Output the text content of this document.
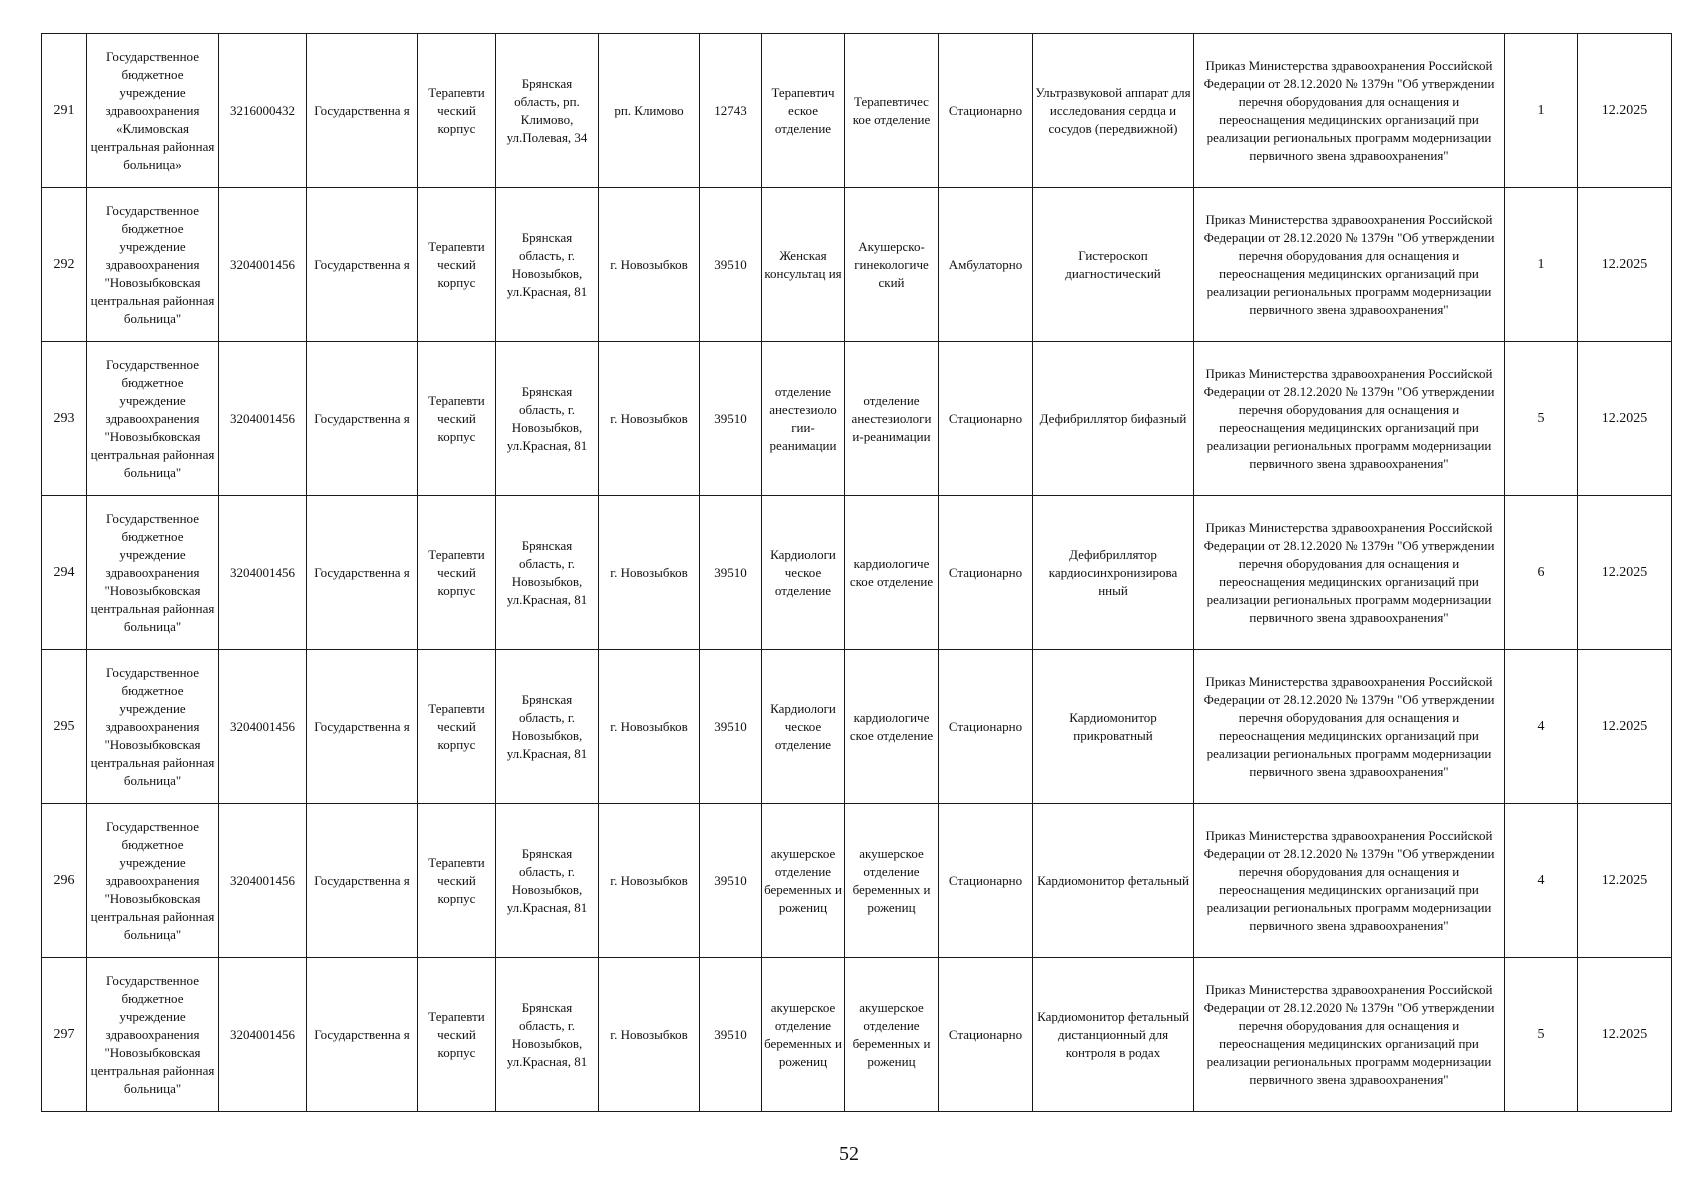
291	Государственное бюджетное учреждение здравоохранения «Климовская центральная районная больница»	3216000432	Государственна я	Терапевти ческий корпус	Брянская область, рп. Климово, ул.Полевая, 34	рп. Климово	12743	Терапевтич еское отделение	Терапевтичес кое отделение	Стационарно	Ультразвуковой аппарат для исследования сердца и сосудов (передвижной)	Приказ Министерства здравоохранения Российской Федерации от 28.12.2020 № 1379н "Об утверждении перечня оборудования для оснащения и переоснащения медицинских организаций при реализации региональных программ модернизации первичного звена здравоохранения"	1	12.2025
292	Государственное бюджетное учреждение здравоохранения "Новозыбковская центральная районная больница"	3204001456	Государственна я	Терапевти ческий корпус	Брянская область, г. Новозыбков, ул.Красная, 81	г. Новозыбков	39510	Женская консультац ия	Акушерско-гинекологиче ский	Амбулаторно	Гистероскоп диагностический	Приказ Министерства здравоохранения Российской Федерации от 28.12.2020 № 1379н "Об утверждении перечня оборудования для оснащения и переоснащения медицинских организаций при реализации региональных программ модернизации первичного звена здравоохранения"	1	12.2025
293	Государственное бюджетное учреждение здравоохранения "Новозыбковская центральная районная больница"	3204001456	Государственна я	Терапевти ческий корпус	Брянская область, г. Новозыбков, ул.Красная, 81	г. Новозыбков	39510	отделение анестезиоло гии-реанимации	отделение анестезиологи и-реанимации	Стационарно	Дефибриллятор бифазный	Приказ Министерства здравоохранения Российской Федерации от 28.12.2020 № 1379н "Об утверждении перечня оборудования для оснащения и переоснащения медицинских организаций при реализации региональных программ модернизации первичного звена здравоохранения"	5	12.2025
294	Государственное бюджетное учреждение здравоохранения "Новозыбковская центральная районная больница"	3204001456	Государственна я	Терапевти ческий корпус	Брянская область, г. Новозыбков, ул.Красная, 81	г. Новозыбков	39510	Кардиологи ческое отделение	кардиологиче ское отделение	Стационарно	Дефибриллятор кардиосинхронизирова нный	Приказ Министерства здравоохранения Российской Федерации от 28.12.2020 № 1379н "Об утверждении перечня оборудования для оснащения и переоснащения медицинских организаций при реализации региональных программ модернизации первичного звена здравоохранения"	6	12.2025
295	Государственное бюджетное учреждение здравоохранения "Новозыбковская центральная районная больница"	3204001456	Государственна я	Терапевти ческий корпус	Брянская область, г. Новозыбков, ул.Красная, 81	г. Новозыбков	39510	Кардиологи ческое отделение	кардиологиче ское отделение	Стационарно	Кардиомонитор прикроватный	Приказ Министерства здравоохранения Российской Федерации от 28.12.2020 № 1379н "Об утверждении перечня оборудования для оснащения и переоснащения медицинских организаций при реализации региональных программ модернизации первичного звена здравоохранения"	4	12.2025
296	Государственное бюджетное учреждение здравоохранения "Новозыбковская центральная районная больница"	3204001456	Государственна я	Терапевти ческий корпус	Брянская область, г. Новозыбков, ул.Красная, 81	г. Новозыбков	39510	акушерское отделение беременных и рожениц	акушерское отделение беременных и рожениц	Стационарно	Кардиомонитор фетальный	Приказ Министерства здравоохранения Российской Федерации от 28.12.2020 № 1379н "Об утверждении перечня оборудования для оснащения и переоснащения медицинских организаций при реализации региональных программ модернизации первичного звена здравоохранения"	4	12.2025
297	Государственное бюджетное учреждение здравоохранения "Новозыбковская центральная районная больница"	3204001456	Государственна я	Терапевти ческий корпус	Брянская область, г. Новозыбков, ул.Красная, 81	г. Новозыбков	39510	акушерское отделение беременных и рожениц	акушерское отделение беременных и рожениц	Стационарно	Кардиомонитор фетальный дистанционный для контроля в родах	Приказ Министерства здравоохранения Российской Федерации от 28.12.2020 № 1379н "Об утверждении перечня оборудования для оснащения и переоснащения медицинских организаций при реализации региональных программ модернизации первичного звена здравоохранения"	5	12.2025
52
